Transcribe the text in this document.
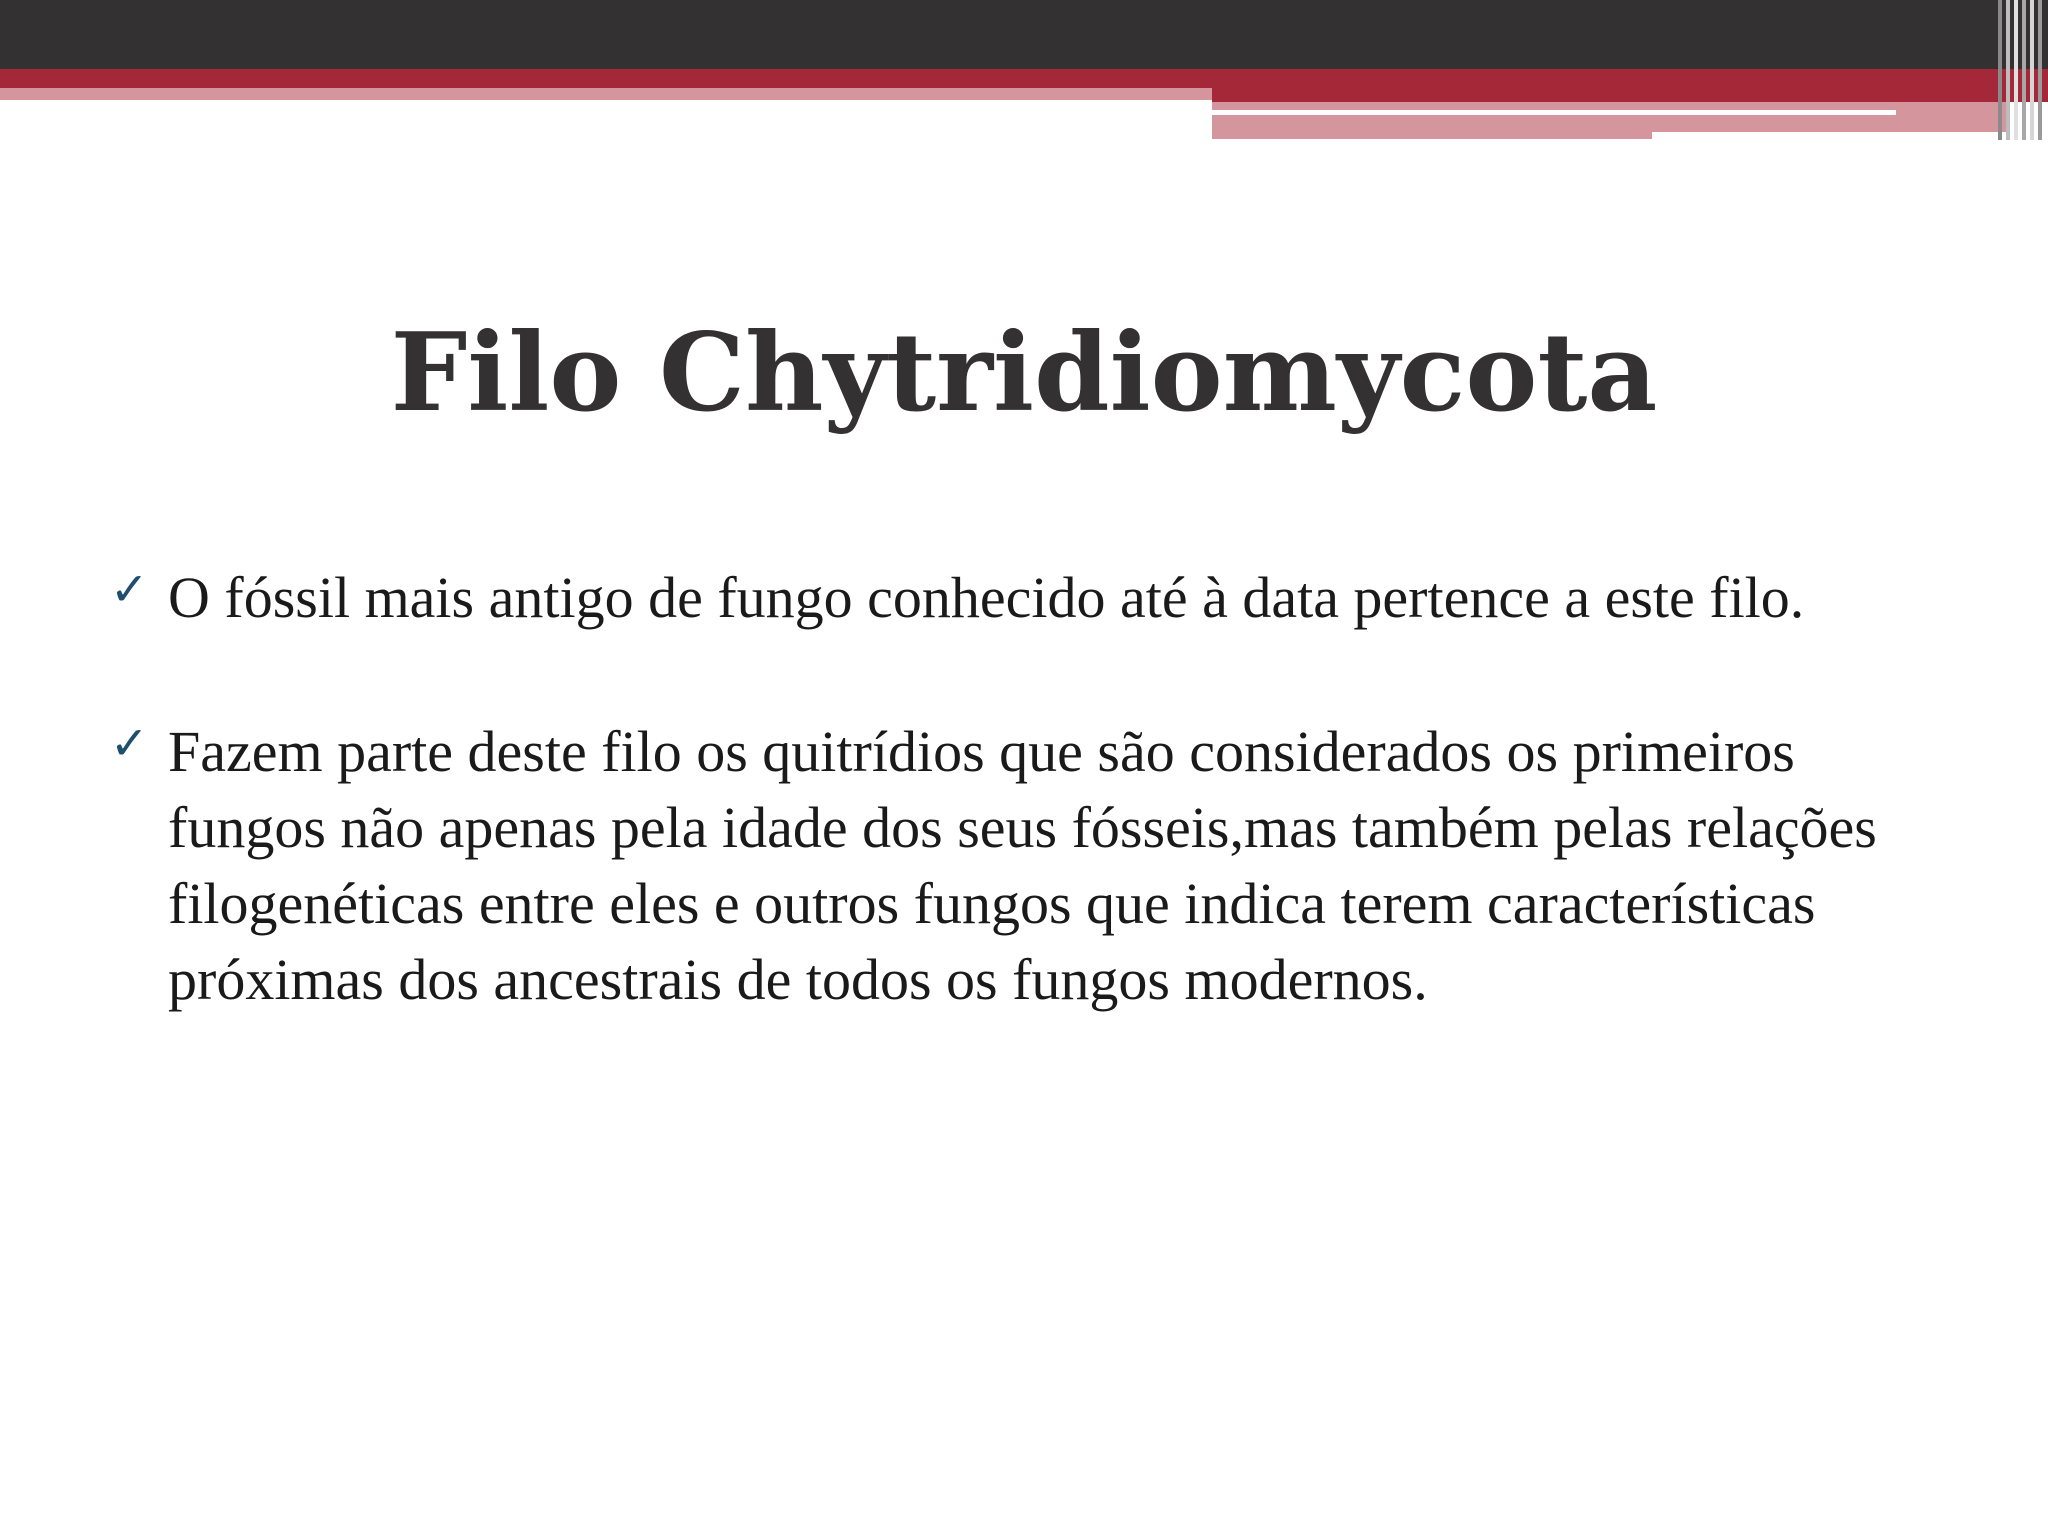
Filo Chytridiomycota
✓ O fóssil mais antigo de fungo conhecido até à data pertence a este filo.
✓ Fazem parte deste filo os quitrídios que são considerados os primeiros fungos não apenas pela idade dos seus fósseis,mas também pelas relações filogenéticas entre eles e outros fungos que indica terem características próximas dos ancestrais de todos os fungos modernos.
